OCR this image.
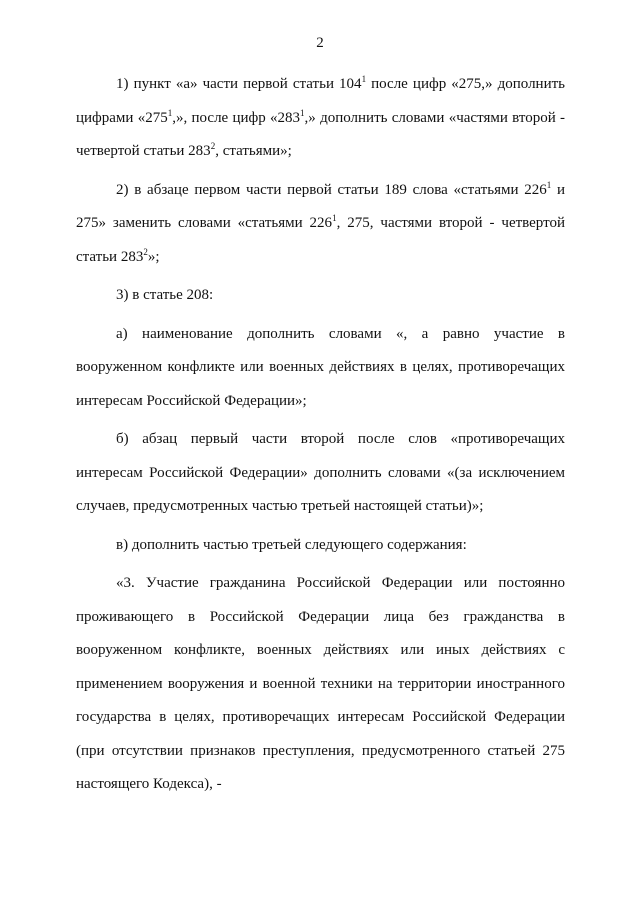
2

1) пункт «а» части первой статьи $104^1$ после цифр «275,» дополнить цифрами «$275^1$,», после цифр «$283^1$,» дополнить словами «частями второй - четвертой статьи $283^2$, статьями»;

2) в абзаце первом части первой статьи 189 слова «статьями $226^1$ и 275» заменить словами «статьями $226^1$, 275, частями второй - четвертой статьи $283^2$»;

3) в статье 208:

а) наименование дополнить словами «, а равно участие в вооруженном конфликте или военных действиях в целях, противоречащих интересам Российской Федерации»;

б) абзац первый части второй после слов «противоречащих интересам Российской Федерации» дополнить словами «(за исключением случаев, предусмотренных частью третьей настоящей статьи)»;

в) дополнить частью третьей следующего содержания:

«3. Участие гражданина Российской Федерации или постоянно проживающего в Российской Федерации лица без гражданства в вооруженном конфликте, военных действиях или иных действиях с применением вооружения и военной техники на территории иностранного государства в целях, противоречащих интересам Российской Федерации (при отсутствии признаков преступления, предусмотренного статьей 275 настоящего Кодекса), -
